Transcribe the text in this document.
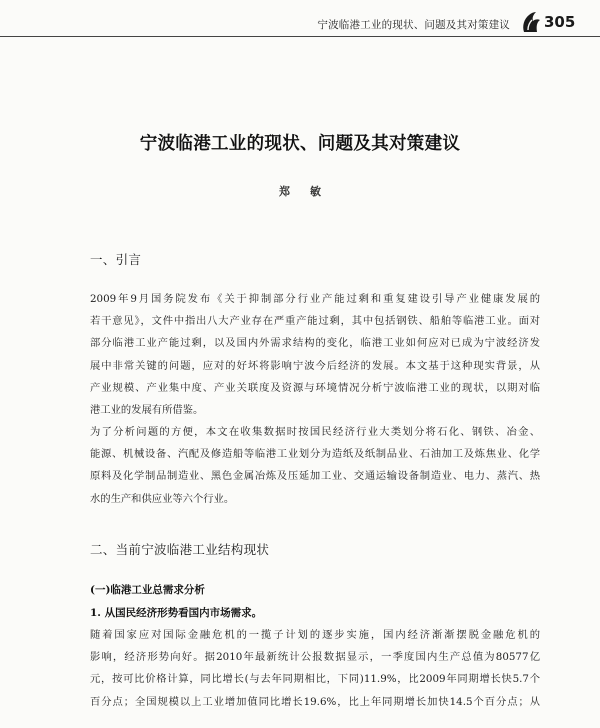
宁波临港工业的现状、问题及其对策建议 305
宁波临港工业的现状、问题及其对策建议
郑敏
一、引言
2009年9月国务院发布《关于抑制部分行业产能过剩和重复建设引导产业健康发展的
若干意见》，文件中指出八大产业存在严重产能过剩，其中包括钢铁、船舶等临港工业。面对
部分临港工业产能过剩，以及国内外需求结构的变化，临港工业如何应对已成为宁波经济发
展中非常关键的问题，应对的好坏将影响宁波今后经济的发展。本文基于这种现实背景，从
产业规模、产业集中度、产业关联度及资源与环境情况分析宁波临港工业的现状，以期对临
港工业的发展有所借鉴。
为了分析问题的方便，本文在收集数据时按国民经济行业大类划分将石化、钢铁、冶金、
能源、机械设备、汽配及修造船等临港工业划分为造纸及纸制品业、石油加工及炼焦业、化学
原料及化学制品制造业、黑色金属冶炼及压延加工业、交通运输设备制造业、电力、蒸汽、热
水的生产和供应业等六个行业。
二、当前宁波临港工业结构现状
(一)临港工业总需求分析
1. 从国民经济形势看国内市场需求。
随着国家应对国际金融危机的一揽子计划的逐步实施，国内经济渐渐摆脱金融危机的
影响，经济形势向好。据2010年最新统计公报数据显示，一季度国内生产总值为80577亿
元，按可比价格计算，同比增长(与去年同期相比，下同)11.9%，比2009年同期增长快5.7个
百分点；全国规模以上工业增加值同比增长19.6%，比上年同期增长加快14.5个百分点；从
